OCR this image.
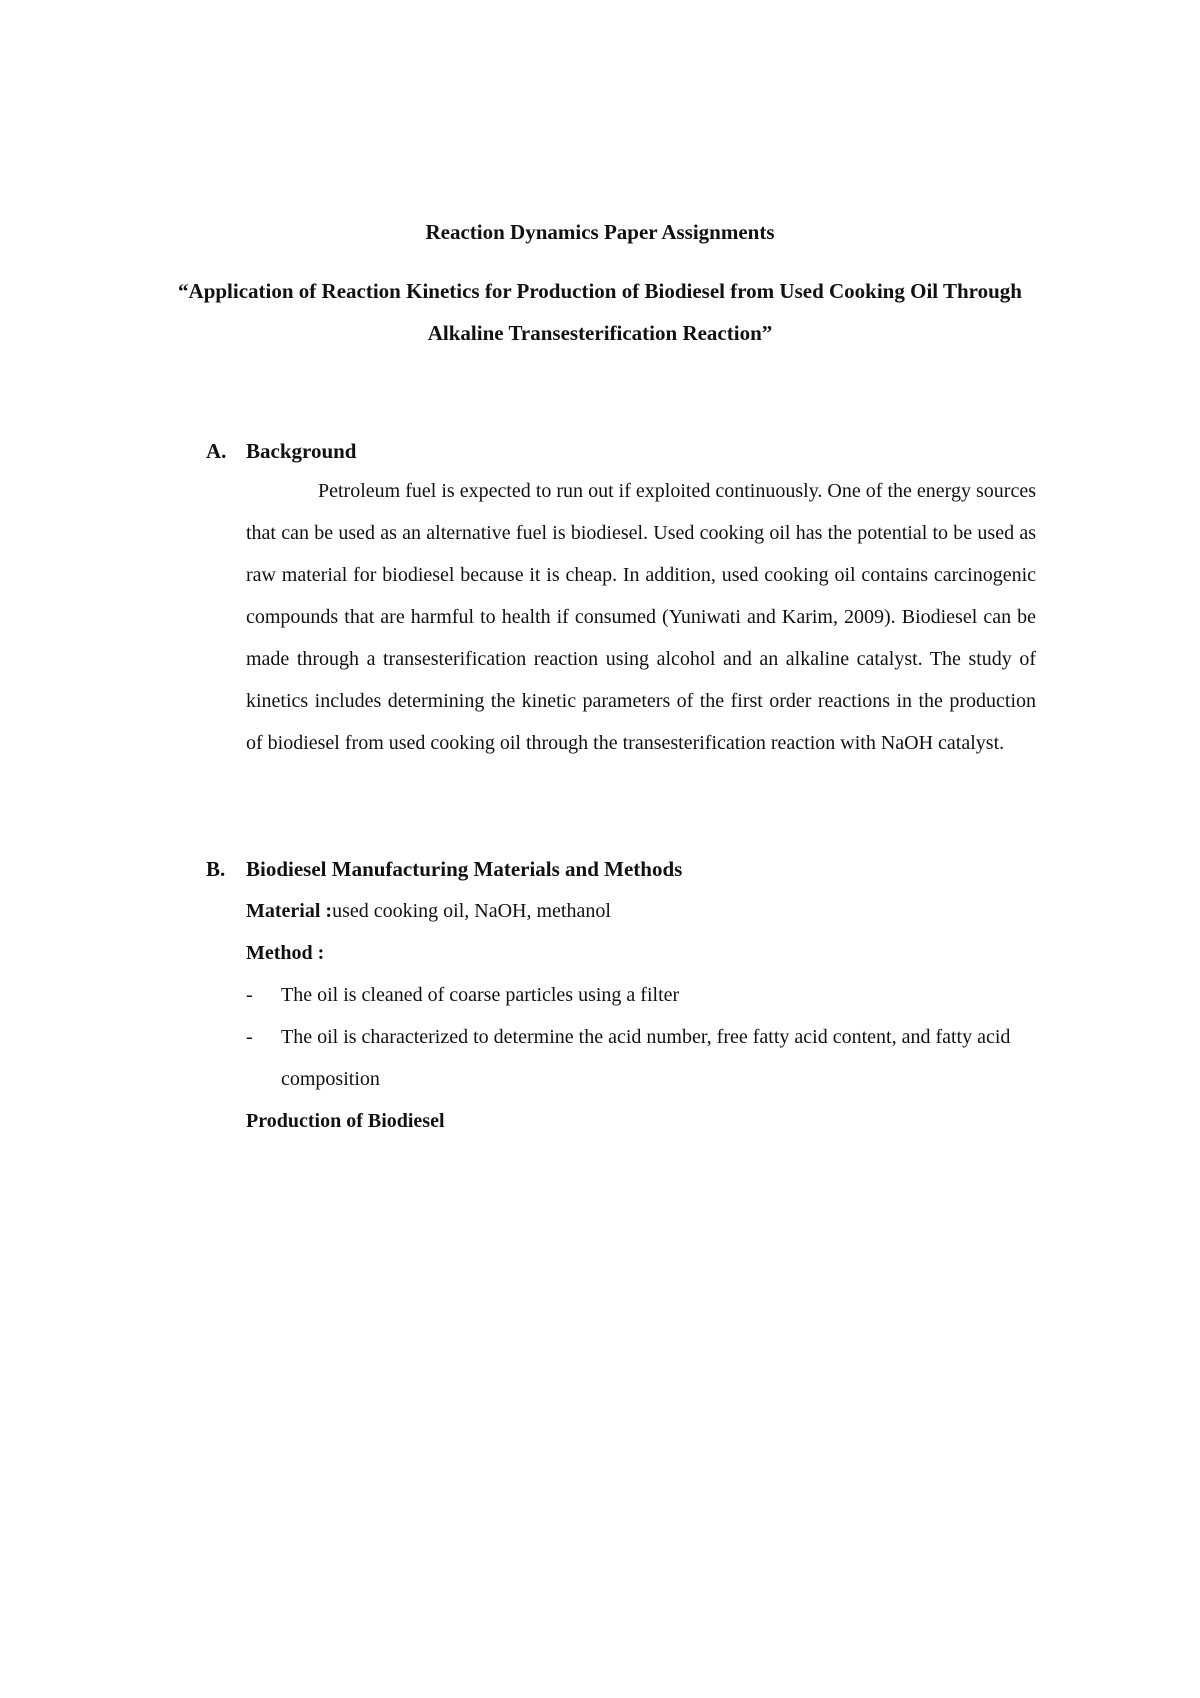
Reaction Dynamics Paper Assignments
“Application of Reaction Kinetics for Production of Biodiesel from Used Cooking Oil Through Alkaline Transesterification Reaction”
A. Background

Petroleum fuel is expected to run out if exploited continuously. One of the energy sources that can be used as an alternative fuel is biodiesel. Used cooking oil has the potential to be used as raw material for biodiesel because it is cheap. In addition, used cooking oil contains carcinogenic compounds that are harmful to health if consumed (Yuniwati and Karim, 2009). Biodiesel can be made through a transesterification reaction using alcohol and an alkaline catalyst. The study of kinetics includes determining the kinetic parameters of the first order reactions in the production of biodiesel from used cooking oil through the transesterification reaction with NaOH catalyst.

B. Biodiesel Manufacturing Materials and Methods
Material :used cooking oil, NaOH, methanol
Method :
-	The oil is cleaned of coarse particles using a filter
-	The oil is characterized to determine the acid number, free fatty acid content, and fatty acid composition
Production of Biodiesel
